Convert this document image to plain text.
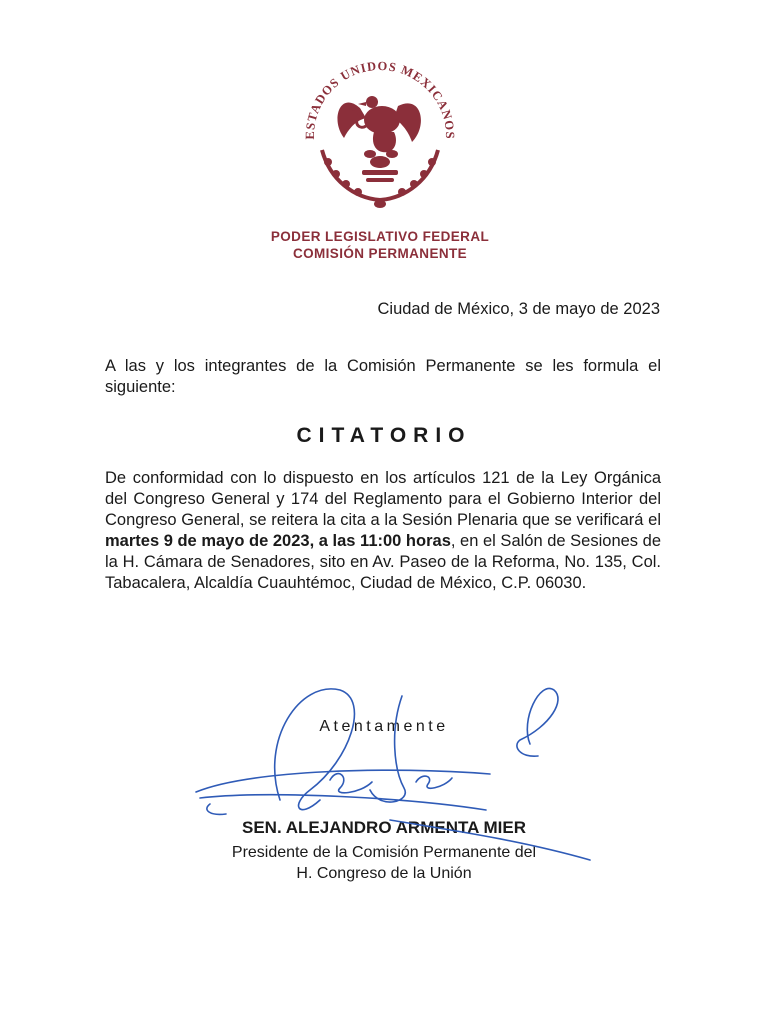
ESTADOS UNIDOS MEXICANOS
PODER LEGISLATIVO FEDERAL
COMISIÓN PERMANENTE
Ciudad de México, 3 de mayo de 2023
A las y los integrantes de la Comisión Permanente se les formula el siguiente:
CITATORIO
De conformidad con lo dispuesto en los artículos 121 de la Ley Orgánica del Congreso General y 174 del Reglamento para el Gobierno Interior del Congreso General, se reitera la cita a la Sesión Plenaria que se verificará el martes 9 de mayo de 2023, a las 11:00 horas, en el Salón de Sesiones de la H. Cámara de Senadores, sito en Av. Paseo de la Reforma, No. 135, Col. Tabacalera, Alcaldía Cuauhtémoc, Ciudad de México, C.P. 06030.
Atentamente
SEN. ALEJANDRO ARMENTA MIER
Presidente de la Comisión Permanente del
H. Congreso de la Unión
